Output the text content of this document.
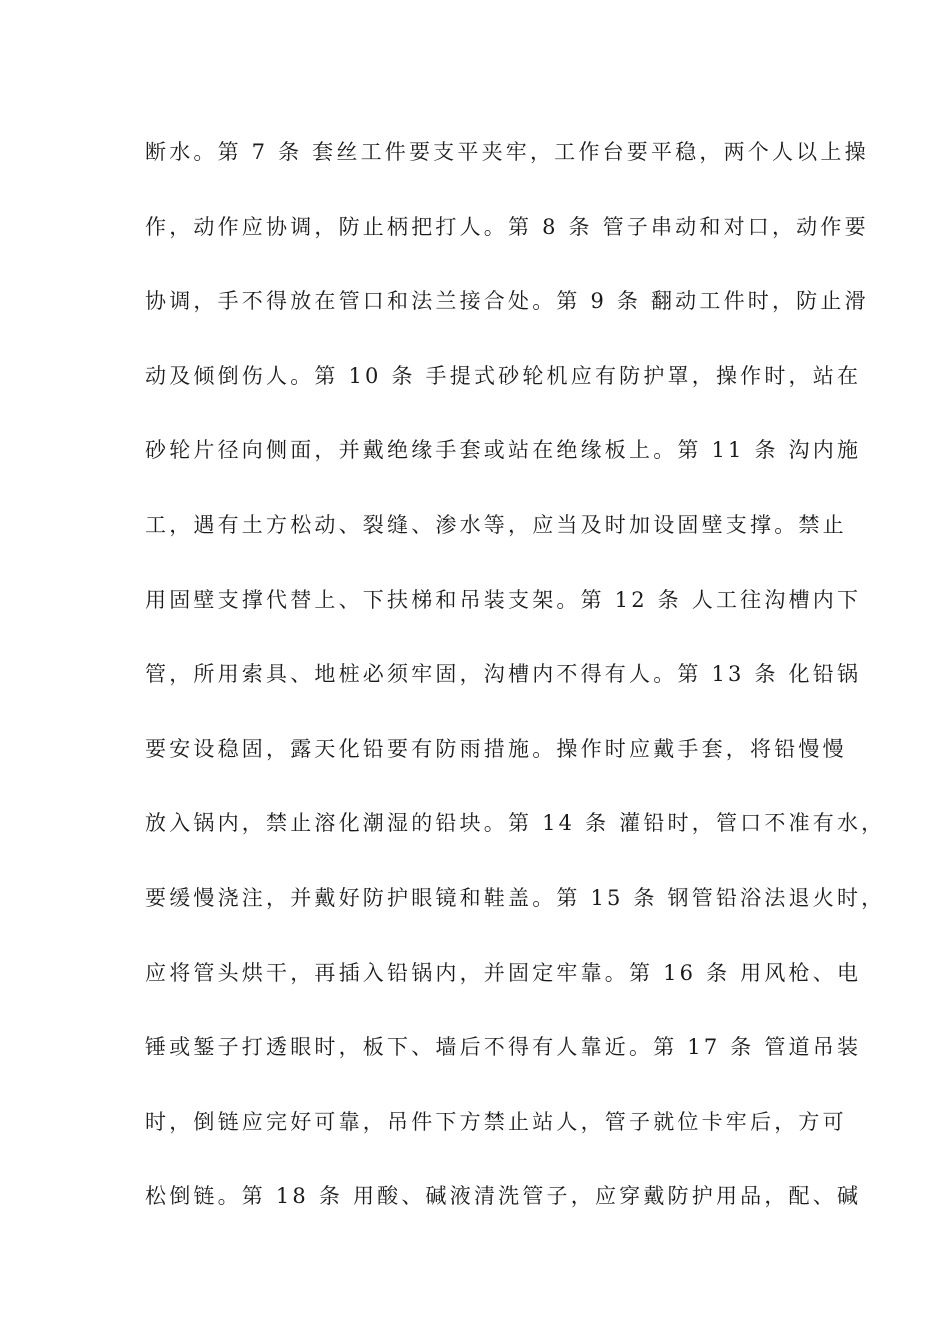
断水。第 7 条 套丝工件要支平夹牢，工作台要平稳，两个人以上操
作，动作应协调，防止柄把打人。第 8 条 管子串动和对口，动作要
协调，手不得放在管口和法兰接合处。第 9 条 翻动工件时，防止滑
动及倾倒伤人。第 10 条 手提式砂轮机应有防护罩，操作时，站在
砂轮片径向侧面，并戴绝缘手套或站在绝缘板上。第 11 条 沟内施
工，遇有土方松动、裂缝、渗水等，应当及时加设固壁支撑。禁止
用固壁支撑代替上、下扶梯和吊装支架。第 12 条 人工往沟槽内下
管，所用索具、地桩必须牢固，沟槽内不得有人。第 13 条 化铅锅
要安设稳固，露天化铅要有防雨措施。操作时应戴手套，将铅慢慢
放入锅内，禁止溶化潮湿的铅块。第 14 条 灌铅时，管口不准有水，
要缓慢浇注，并戴好防护眼镜和鞋盖。第 15 条 钢管铅浴法退火时，
应将管头烘干，再插入铅锅内，并固定牢靠。第 16 条 用风枪、电
锤或錾子打透眼时，板下、墙后不得有人靠近。第 17 条 管道吊装
时，倒链应完好可靠，吊件下方禁止站人，管子就位卡牢后，方可
松倒链。第 18 条 用酸、碱液清洗管子，应穿戴防护用品，配、碱
